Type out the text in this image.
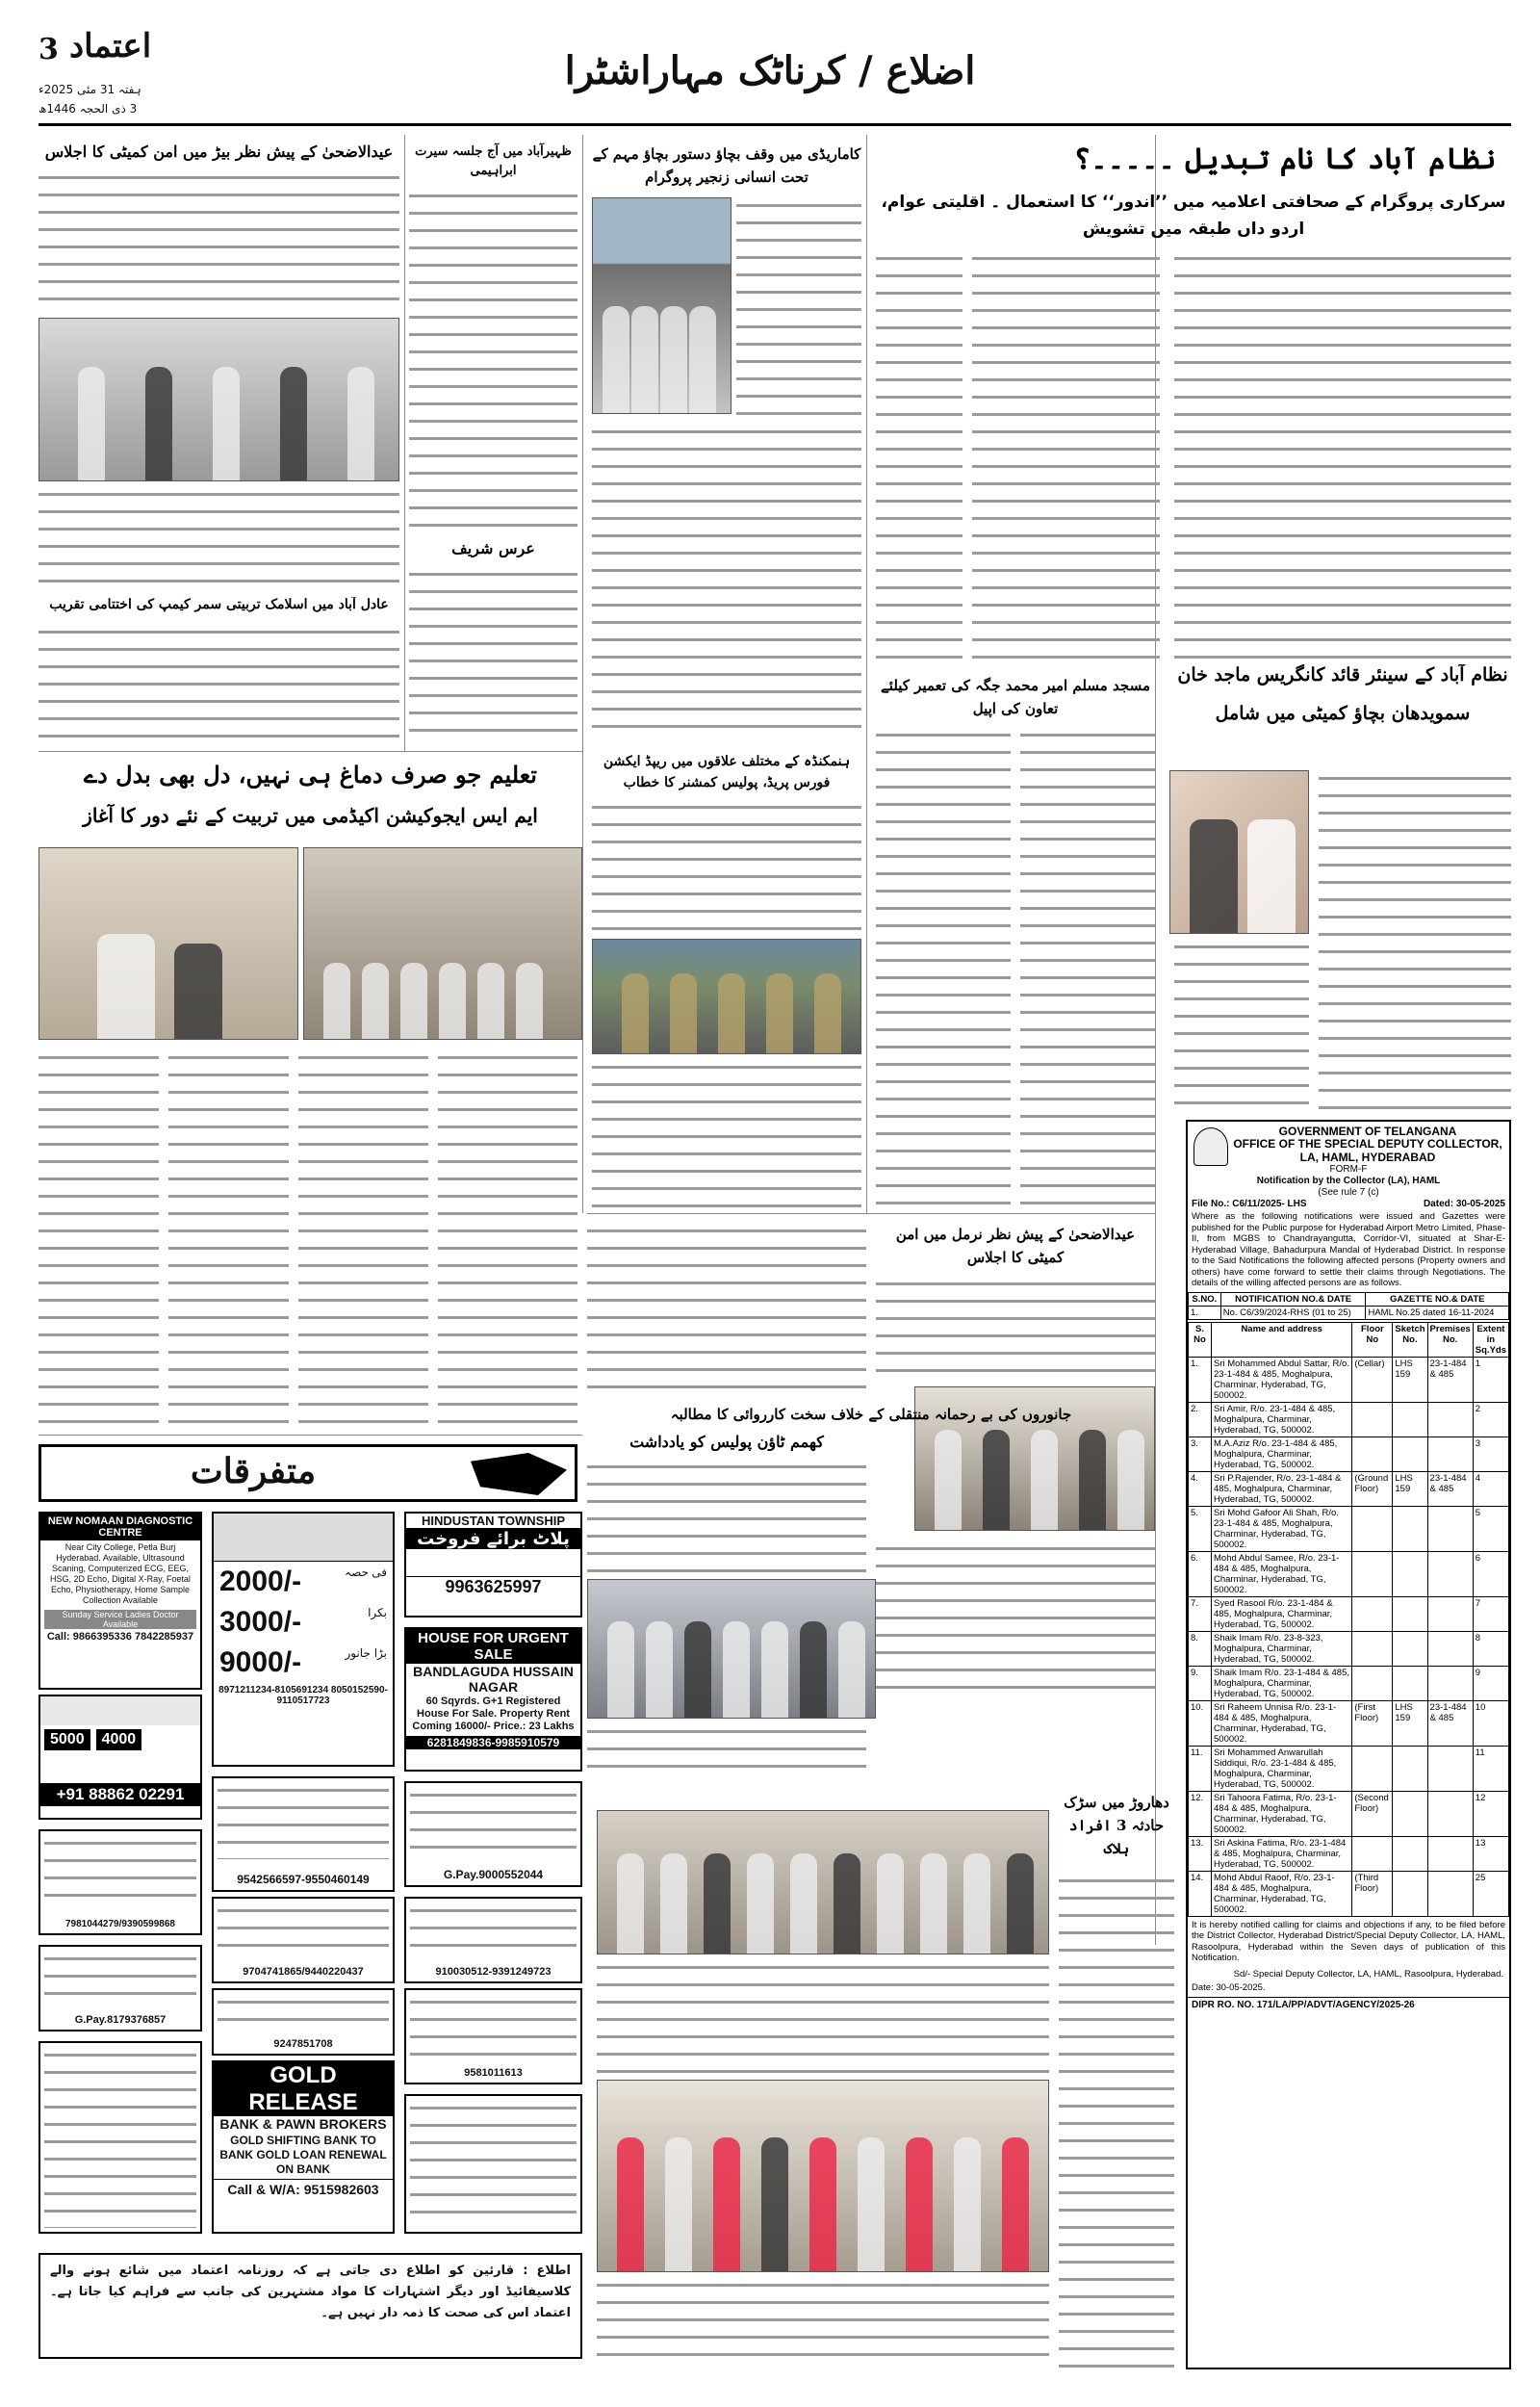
3 اعتماد
ہفتہ 31 مئی 2025ء
3 ذی الحجہ 1446ھ
اضلاع / کرناٹک مہاراشٹرا
نظام آباد کا نام تبدیل ۔۔۔۔۔؟
سرکاری پروگرام کے صحافتی اعلامیہ میں ’’اندور‘‘ کا استعمال ۔ اقلیتی عوام، اردو داں طبقہ میں تشویش
نظام آباد کے سینئر قائد کانگریس ماجد خان
سمویدھان بچاؤ کمیٹی میں شامل
مسجد مسلم امیر محمد جگہ کی تعمیر کیلئے تعاون کی اپیل
کاماریڈی میں وقف بچاؤ دستور بچاؤ مہم کے تحت انسانی زنجیر پروگرام
ہنمکنڈہ کے مختلف علاقوں میں ریپڈ ایکشن فورس پریڈ، پولیس کمشنر کا خطاب
عیدالاضحیٰ کے پیش نظر بیڑ میں امن کمیٹی کا اجلاس
عادل آباد میں اسلامک تربیتی سمر کیمپ کی اختتامی تقریب
ظہیرآباد میں آج جلسہ سیرت ابراہیمی
عرس شریف
تعلیم جو صرف دماغ ہی نہیں، دل بھی بدل دے
ایم ایس ایجوکیشن اکیڈمی میں تربیت کے نئے دور کا آغاز
عیدالاضحیٰ کے پیش نظر نرمل میں امن کمیٹی کا اجلاس
جانوروں کی بے رحمانہ منتقلی کے خلاف سخت کارروائی کا مطالبہ
کھمم ٹاؤن پولیس کو یادداشت
دھاروڑ میں سڑک حادثہ 3 افراد ہلاک
متفرقات
NEW NOMAAN DIAGNOSTIC CENTRE
Near City College, Petla Burj Hyderabad. Available, Ultrasound Scaning, Computerized ECG, EEG, HSG, 2D Echo, Digital X-Ray, Foetal Echo, Physiotherapy, Home Sample Collection Available
Sunday Service Ladies Doctor Available
Call: 9866395336 7842285937
2000/-	فی حصہ
3000/-	بکرا
9000/-	بڑا جانور
8971211234-8105691234 8050152590-9110517723
5000	4000
+91 88862 02291
HINDUSTAN TOWNSHIP
پلاٹ برائے فروخت
9963625997
HOUSE FOR URGENT SALE
BANDLAGUDA HUSSAIN NAGAR
60 Sqyrds. G+1 Registered House For Sale. Property Rent Coming 16000/- Price.: 23 Lakhs
6281849836-9985910579
9542566597-9550460149
9704741865/9440220437
G.Pay.9000552044
7981044279/9390599868
910030512-9391249723
9247851708
9581011613
G.Pay.8179376857
GOLD RELEASE
BANK & PAWN BROKERS
GOLD SHIFTING BANK TO BANK GOLD LOAN RENEWAL ON BANK
Call & W/A: 9515982603
اطلاع : قارئین کو اطلاع دی جاتی ہے کہ روزنامہ اعتماد میں شائع ہونے والے کلاسیفائیڈ اور دیگر اشتہارات کا مواد مشتہرین کی جانب سے فراہم کیا جاتا ہے۔ اعتماد اس کی صحت کا ذمہ دار نہیں ہے۔
GOVERNMENT OF TELANGANA
OFFICE OF THE SPECIAL DEPUTY COLLECTOR, LA, HAML, HYDERABAD
FORM-F
Notification by the Collector (LA), HAML
(See rule 7 (c)
File No.: C6/11/2025- LHS	Dated: 30-05-2025
Where as the following notifications were issued and Gazettes were published for the Public purpose for Hyderabad Airport Metro Limited, Phase-II, from MGBS to Chandrayangutta, Corridor-VI, situated at Shar-E-Hyderabad Village, Bahadurpura Mandal of Hyderabad District. In response to the Said Notifications the following affected persons (Property owners and others) have come forward to settle their claims through Negotiations. The details of the willing affected persons are as follows.
S.NO.	NOTIFICATION NO.& DATE	GAZETTE NO.& DATE
1.	No. C6/39/2024-RHS (01 to 25)	HAML No.25 dated 16-11-2024
S. No	Name and address	Floor No	Sketch No.	Premises No.	Extent in Sq.Yds
1.	Sri Mohammed Abdul Sattar, R/o. 23-1-484 & 485, Moghalpura, Charminar, Hyderabad, TG, 500002.	(Cellar)	LHS 159	23-1-484 & 485	1
2.	Sri Amir, R/o. 23-1-484 & 485, Moghalpura, Charminar, Hyderabad, TG, 500002.				2
3.	M.A.Aziz R/o. 23-1-484 & 485, Moghalpura, Charminar, Hyderabad, TG, 500002.				3
4.	Sri P.Rajender, R/o. 23-1-484 & 485, Moghalpura, Charminar, Hyderabad, TG, 500002.	(Ground Floor)	LHS 159	23-1-484 & 485	4
5.	Sri Mohd Gafoor Ali Shah, R/o. 23-1-484 & 485, Moghalpura, Charminar, Hyderabad, TG, 500002.				5
6.	Mohd Abdul Samee, R/o. 23-1-484 & 485, Moghalpura, Charminar, Hyderabad, TG, 500002.				6
7.	Syed Rasool R/o. 23-1-484 & 485, Moghalpura, Charminar, Hyderabad, TG, 500002.				7
8.	Shaik Imam R/o. 23-8-323, Moghalpura, Charminar, Hyderabad, TG, 500002.				8
9.	Shaik Imam R/o. 23-1-484 & 485, Moghalpura, Charminar, Hyderabad, TG, 500002.				9
10.	Sri Raheem Unnisa R/o. 23-1-484 & 485, Moghalpura, Charminar, Hyderabad, TG, 500002.	(First Floor)	LHS 159	23-1-484 & 485	10
11.	Sri Mohammed Anwarullah Siddiqui, R/o. 23-1-484 & 485, Moghalpura, Charminar, Hyderabad, TG, 500002.				11
12.	Sri Tahoora Fatima, R/o. 23-1-484 & 485, Moghalpura, Charminar, Hyderabad, TG, 500002.	(Second Floor)			12
13.	Sri Askina Fatima, R/o. 23-1-484 & 485, Moghalpura, Charminar, Hyderabad, TG, 500002.				13
14.	Mohd Abdul Raoof, R/o. 23-1-484 & 485, Moghalpura, Charminar, Hyderabad, TG, 500002.	(Third Floor)			25
It is hereby notified calling for claims and objections if any, to be filed before the District Collector, Hyderabad District/Special Deputy Collector, LA, HAML, Rasoolpura, Hyderabad within the Seven days of publication of this Notification.
Sd/- Special Deputy Collector, LA, HAML, Rasoolpura, Hyderabad.
Date: 30-05-2025.
DIPR RO. NO. 171/LA/PP/ADVT/AGENCY/2025-26
